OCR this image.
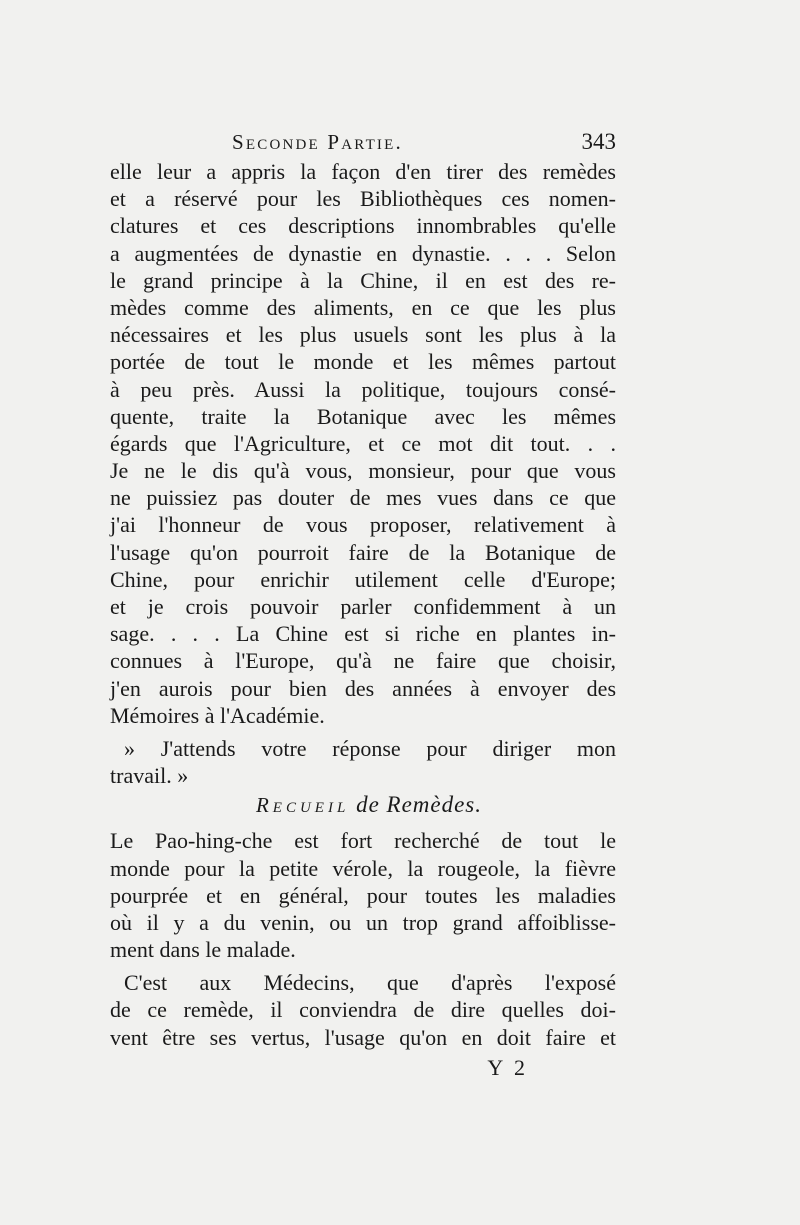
Seconde Partie.	343
elle leur a appris la façon d'en tirer des remèdes
et a réservé pour les Bibliothèques ces nomen-
clatures et ces descriptions innombrables qu'elle
a augmentées de dynastie en dynastie. . . . Selon
le grand principe à la Chine, il en est des re-
mèdes comme des aliments, en ce que les plus
nécessaires et les plus usuels sont les plus à la
portée de tout le monde et les mêmes partout
à peu près. Aussi la politique, toujours consé-
quente, traite la Botanique avec les mêmes
égards que l'Agriculture, et ce mot dit tout. . .
Je ne le dis qu'à vous, monsieur, pour que vous
ne puissiez pas douter de mes vues dans ce que
j'ai l'honneur de vous proposer, relativement à
l'usage qu'on pourroit faire de la Botanique de
Chine, pour enrichir utilement celle d'Europe;
et je crois pouvoir parler confidemment à un
sage. . . . La Chine est si riche en plantes in-
connues à l'Europe, qu'à ne faire que choisir,
j'en aurois pour bien des années à envoyer des
Mémoires à l'Académie.
» J'attends votre réponse pour diriger mon
travail. »
Recueil de Remèdes.
Le Pao-hing-che est fort recherché de tout le
monde pour la petite vérole, la rougeole, la fièvre
pourprée et en général, pour toutes les maladies
où il y a du venin, ou un trop grand affoiblisse-
ment dans le malade.
C'est aux Médecins, que d'après l'exposé
de ce remède, il conviendra de dire quelles doi-
vent être ses vertus, l'usage qu'on en doit faire et
Y 2
